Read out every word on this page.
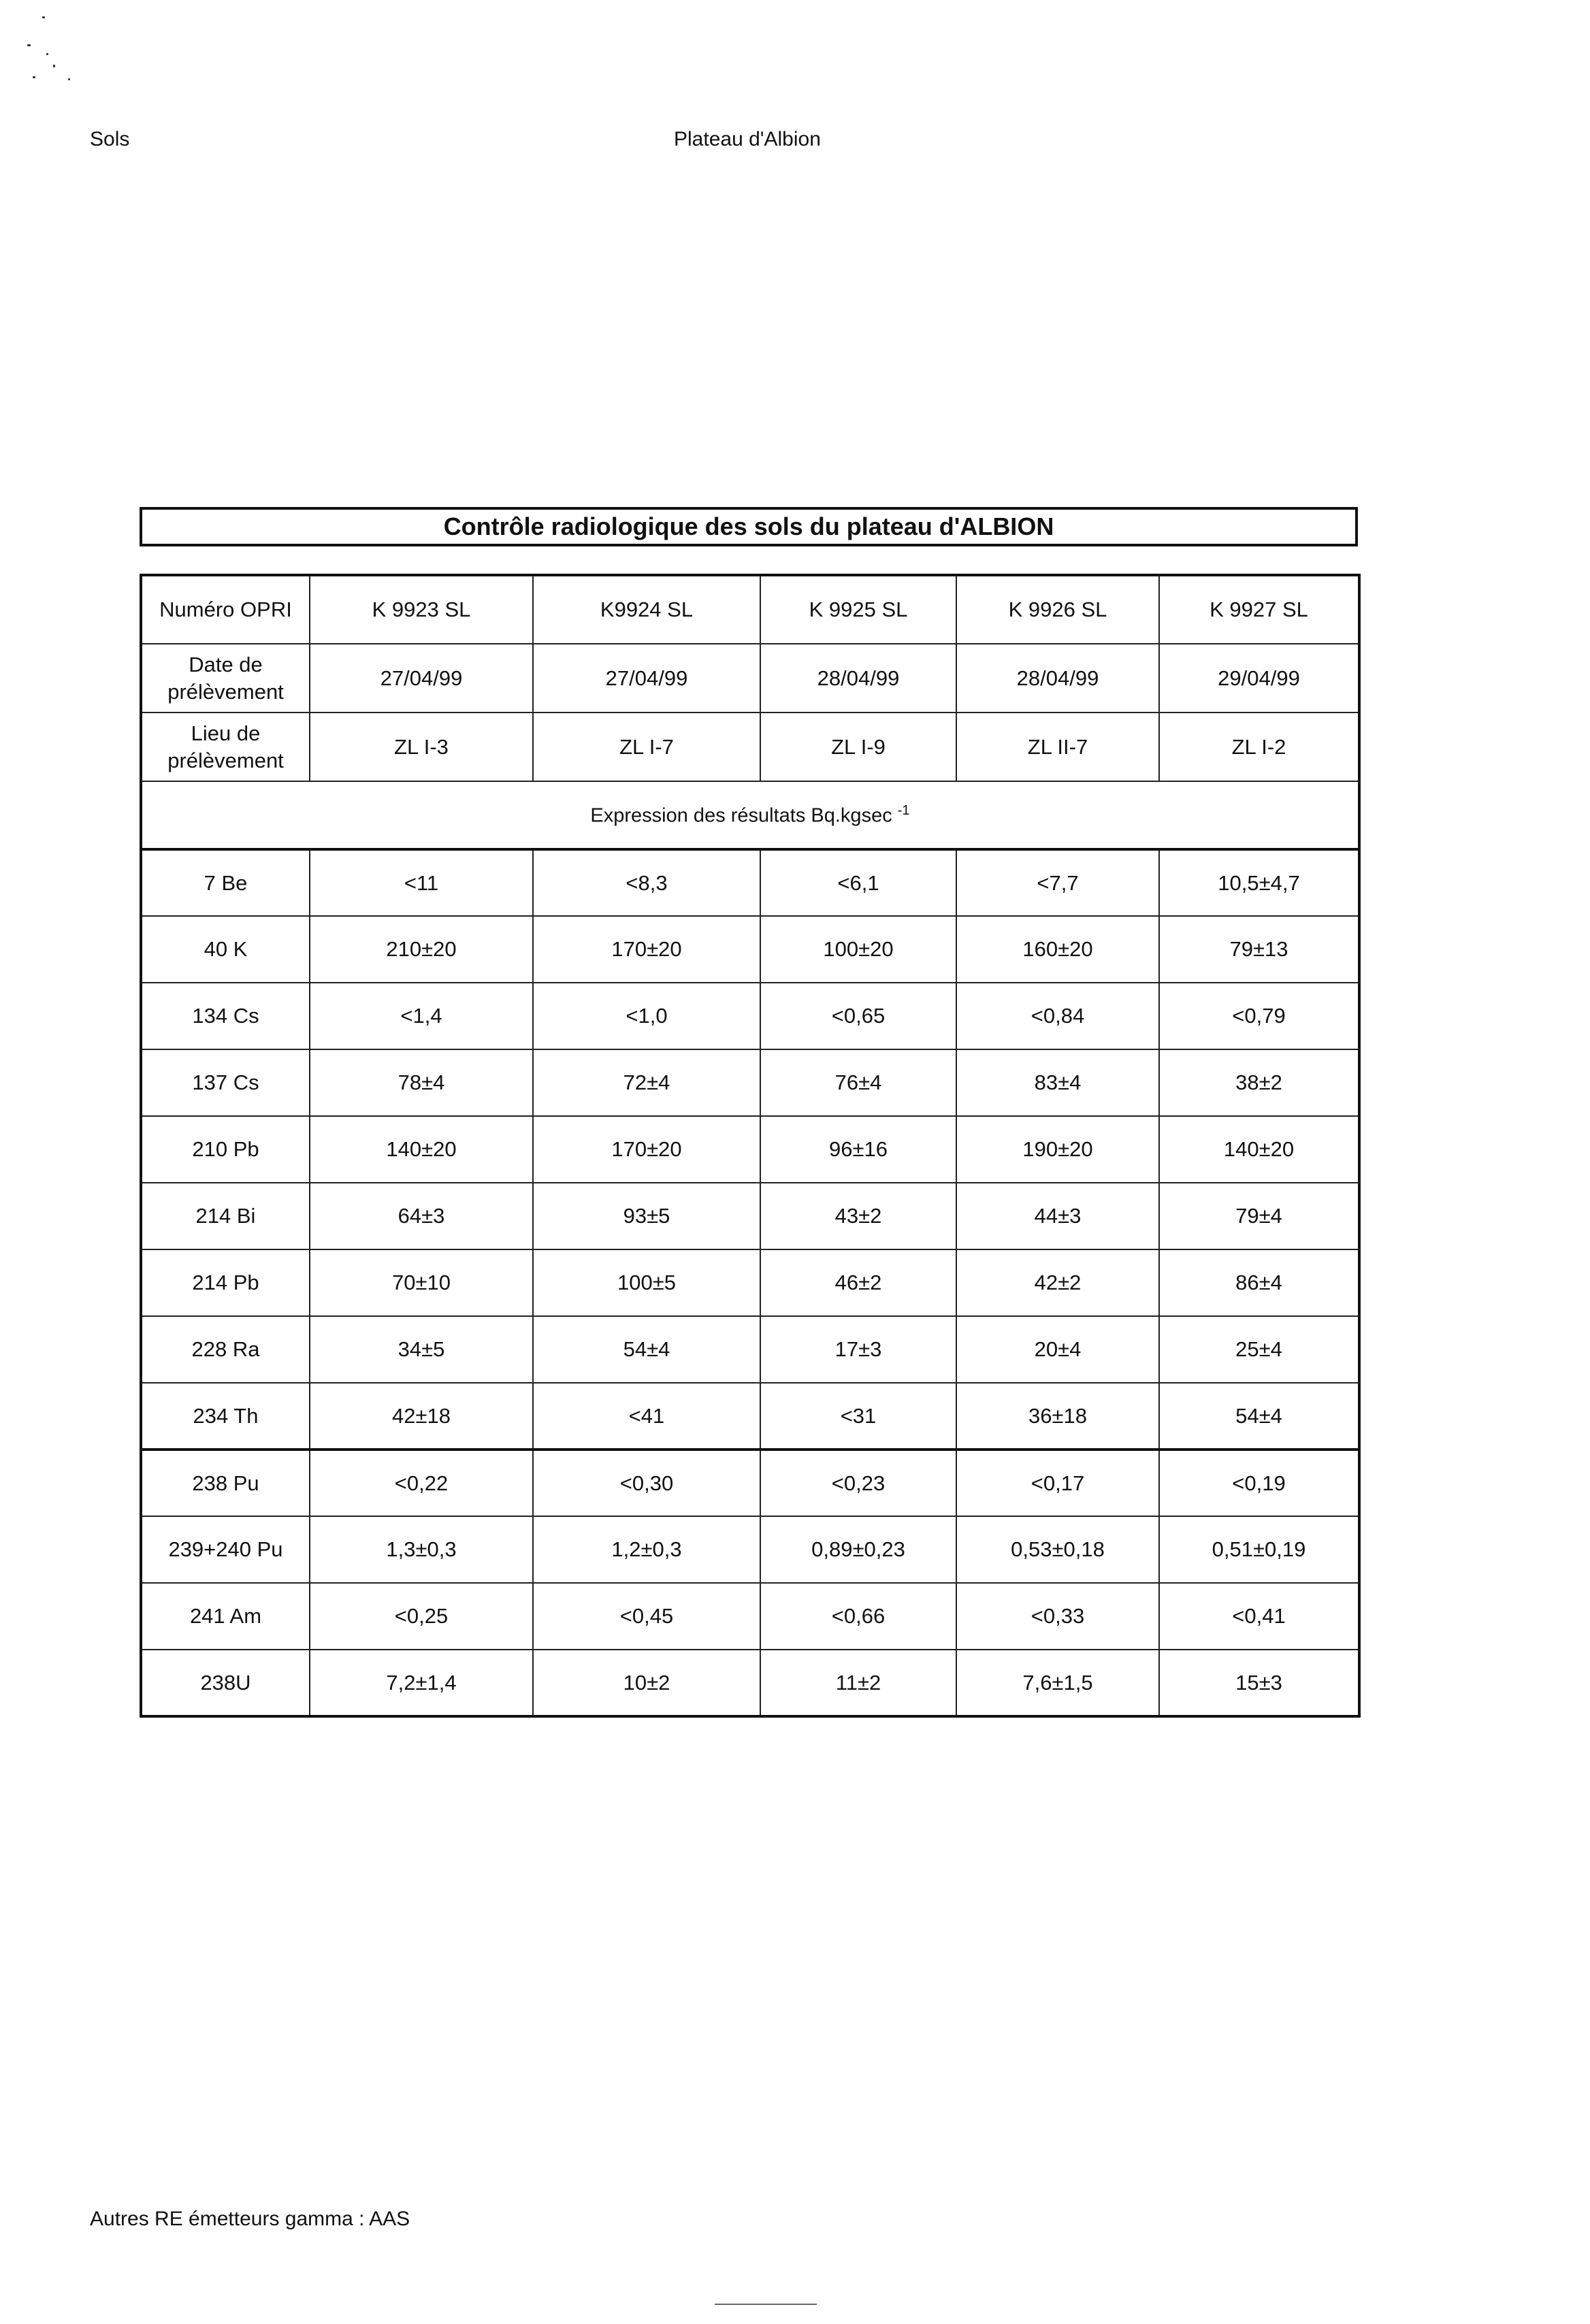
Sols	Plateau d'Albion
Contrôle radiologique des sols du plateau d'ALBION
Numéro OPRI	K 9923 SL	K9924 SL	K 9925 SL	K 9926 SL	K 9927 SL
Date de
prélèvement	27/04/99	27/04/99	28/04/99	28/04/99	29/04/99
Lieu de
prélèvement	ZL I-3	ZL I-7	ZL I-9	ZL II-7	ZL I-2
Expression des résultats Bq.kgsec $^{-1}$
7 Be	<11	<8,3	<6,1	<7,7	10,5±4,7
40 K	210±20	170±20	100±20	160±20	79±13
134 Cs	<1,4	<1,0	<0,65	<0,84	<0,79
137 Cs	78±4	72±4	76±4	83±4	38±2
210 Pb	140±20	170±20	96±16	190±20	140±20
214 Bi	64±3	93±5	43±2	44±3	79±4
214 Pb	70±10	100±5	46±2	42±2	86±4
228 Ra	34±5	54±4	17±3	20±4	25±4
234 Th	42±18	<41	<31	36±18	54±4
238 Pu	<0,22	<0,30	<0,23	<0,17	<0,19
239+240 Pu	1,3±0,3	1,2±0,3	0,89±0,23	0,53±0,18	0,51±0,19
241 Am	<0,25	<0,45	<0,66	<0,33	<0,41
238U	7,2±1,4	10±2	11±2	7,6±1,5	15±3
Autres RE émetteurs gamma : AAS
